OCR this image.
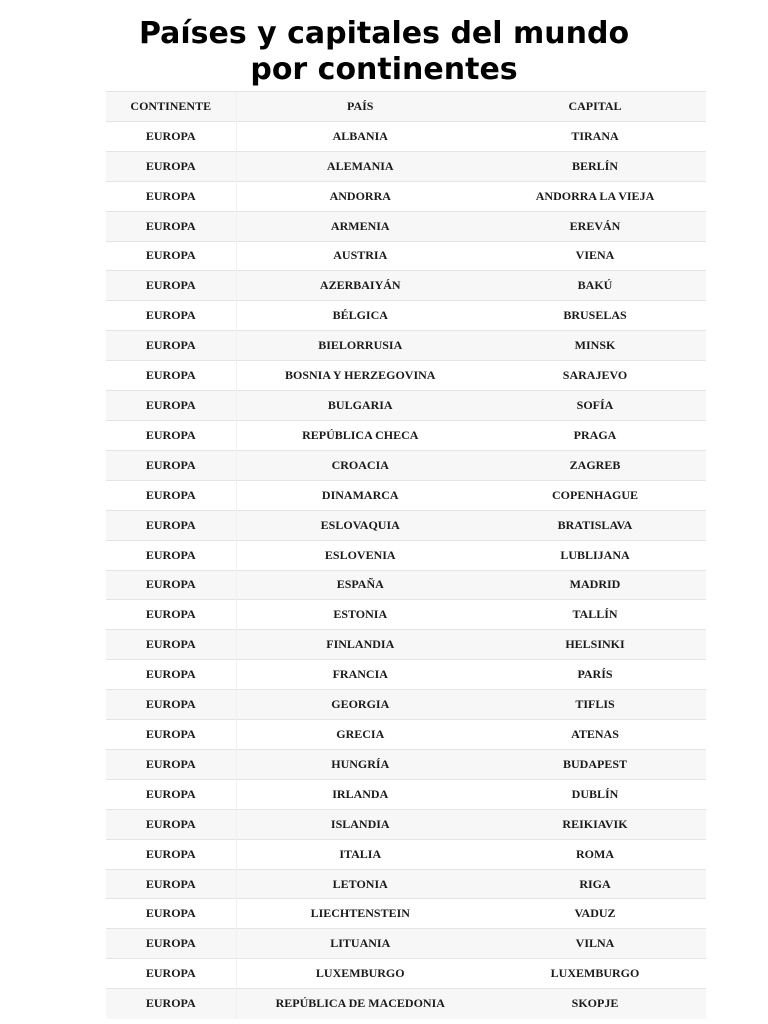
Países y capitales del mundo
por continentes
CONTINENTE	PAÍS	CAPITAL
EUROPA	ALBANIA	TIRANA
EUROPA	ALEMANIA	BERLÍN
EUROPA	ANDORRA	ANDORRA LA VIEJA
EUROPA	ARMENIA	EREVÁN
EUROPA	AUSTRIA	VIENA
EUROPA	AZERBAIYÁN	BAKÚ
EUROPA	BÉLGICA	BRUSELAS
EUROPA	BIELORRUSIA	MINSK
EUROPA	BOSNIA Y HERZEGOVINA	SARAJEVO
EUROPA	BULGARIA	SOFÍA
EUROPA	REPÚBLICA CHECA	PRAGA
EUROPA	CROACIA	ZAGREB
EUROPA	DINAMARCA	COPENHAGUE
EUROPA	ESLOVAQUIA	BRATISLAVA
EUROPA	ESLOVENIA	LUBLIJANA
EUROPA	ESPAÑA	MADRID
EUROPA	ESTONIA	TALLÍN
EUROPA	FINLANDIA	HELSINKI
EUROPA	FRANCIA	PARÍS
EUROPA	GEORGIA	TIFLIS
EUROPA	GRECIA	ATENAS
EUROPA	HUNGRÍA	BUDAPEST
EUROPA	IRLANDA	DUBLÍN
EUROPA	ISLANDIA	REIKIAVIK
EUROPA	ITALIA	ROMA
EUROPA	LETONIA	RIGA
EUROPA	LIECHTENSTEIN	VADUZ
EUROPA	LITUANIA	VILNA
EUROPA	LUXEMBURGO	LUXEMBURGO
EUROPA	REPÚBLICA DE MACEDONIA	SKOPJE
